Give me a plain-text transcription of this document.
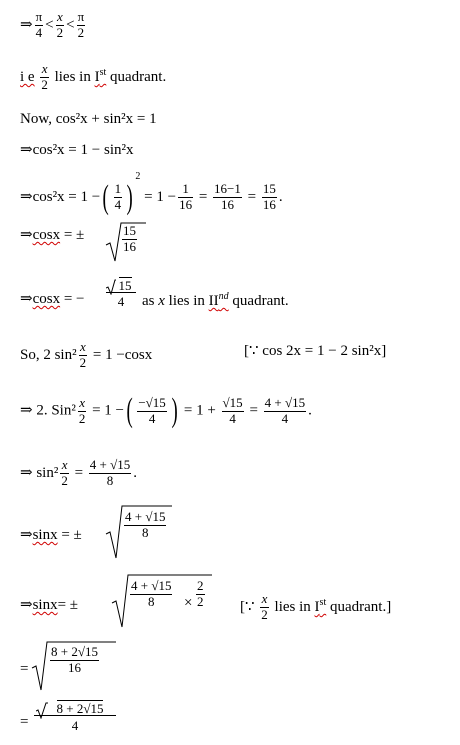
⇒ $\frac{\pi}{4} < \frac{x}{2} < \frac{\pi}{2}$
i e $\frac{x}{2}$ lies in Ist quadrant.
Now, cos²x + sin²x = 1
⇒cos²x = 1 − sin²x
⇒cos²x = 1 −( $\frac{1}{4} )^2 = 1 - \frac{1}{16} = \frac{16-1}{16} = \frac{15}{16}$ .
⇒cosx = ±	$\frac{15}{16}$
⇒cosx = −
15
4	as x lies in IInd quadrant.
So, 2 $\sin^2 \frac{x}{2} = 1 -\cos x$	[∵ cos 2x = 1 − 2 sin²x]
⇒ 2. $Sin^2 \frac{x}{2} = 1$ −( $\frac{-√15}{4}$ ) = $1 + \frac{√15}{4} = \frac{4 + √15}{4}$ .
⇒ $\sin^2 \frac{x}{2} = \frac{4 + √15}{8}$ .
⇒sinx = ±	$\frac{4 + √15}{8}$
⇒sinx= ±	$\frac{4 + √15}{8} \times \frac{2}{2}$ [∵ $\frac{x}{2}$ lies in Ist quadrant.]
= $\frac{8 + 2√15}{16}$
=
8 + 2√15
4
